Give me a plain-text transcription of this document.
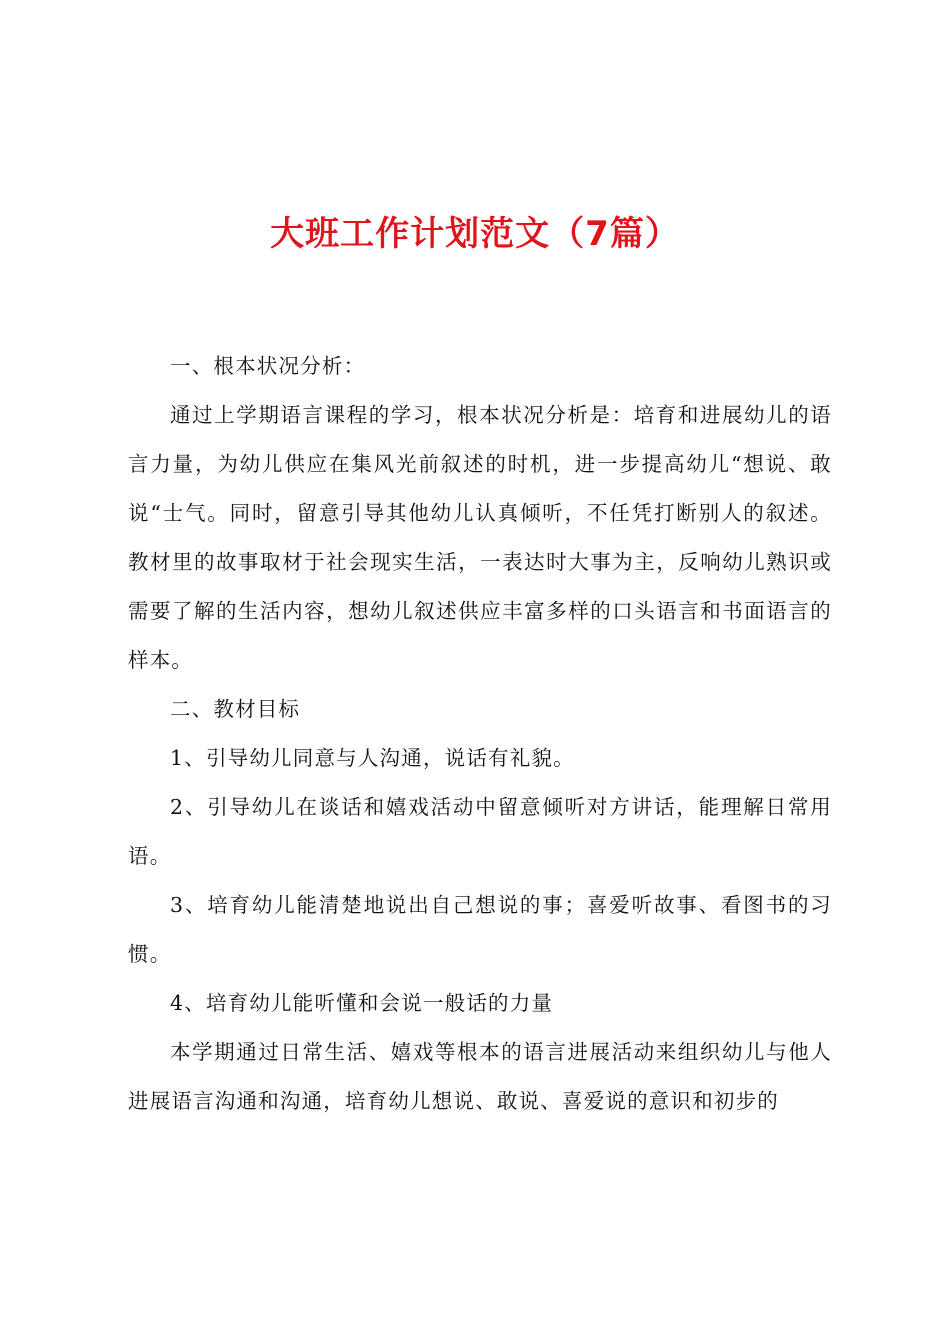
大班工作计划范文（7篇）

一、根本状况分析：

通过上学期语言课程的学习，根本状况分析是：培育和进展幼儿的语言力量，为幼儿供应在集风光前叙述的时机，进一步提高幼儿“想说、敢说“士气。同时，留意引导其他幼儿认真倾听，不任凭打断别人的叙述。教材里的故事取材于社会现实生活，一表达时大事为主，反响幼儿熟识或需要了解的生活内容，想幼儿叙述供应丰富多样的口头语言和书面语言的样本。

二、教材目标

1、引导幼儿同意与人沟通，说话有礼貌。

2、引导幼儿在谈话和嬉戏活动中留意倾听对方讲话，能理解日常用语。

3、培育幼儿能清楚地说出自己想说的事；喜爱听故事、看图书的习惯。

4、培育幼儿能听懂和会说一般话的力量

本学期通过日常生活、嬉戏等根本的语言进展活动来组织幼儿与他人进展语言沟通和沟通，培育幼儿想说、敢说、喜爱说的意识和初步的
